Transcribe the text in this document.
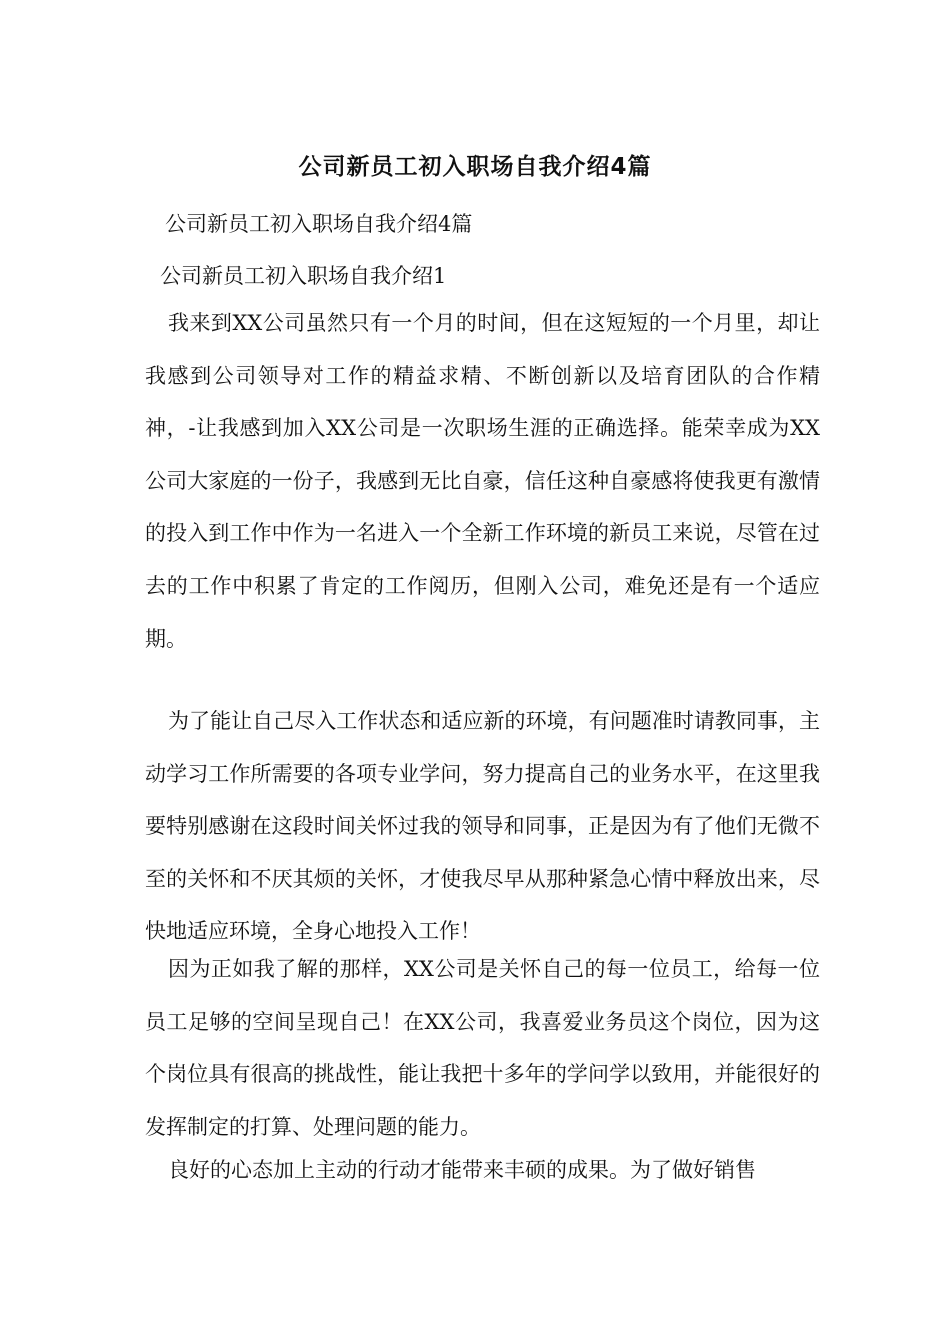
公司新员工初入职场自我介绍4篇
公司新员工初入职场自我介绍4篇
公司新员工初入职场自我介绍1

我来到XX公司虽然只有一个月的时间，但在这短短的一个月里，却让我感到公司领导对工作的精益求精、不断创新以及培育团队的合作精神，-让我感到加入XX公司是一次职场生涯的正确选择。能荣幸成为XX公司大家庭的一份子，我感到无比自豪，信任这种自豪感将使我更有激情的投入到工作中作为一名进入一个全新工作环境的新员工来说，尽管在过去的工作中积累了肯定的工作阅历，但刚入公司，难免还是有一个适应期。

为了能让自己尽入工作状态和适应新的环境，有问题准时请教同事，主动学习工作所需要的各项专业学问，努力提高自己的业务水平，在这里我要特别感谢在这段时间关怀过我的领导和同事，正是因为有了他们无微不至的关怀和不厌其烦的关怀，才使我尽早从那种紧急心情中释放出来，尽快地适应环境，全身心地投入工作！

因为正如我了解的那样，XX公司是关怀自己的每一位员工，给每一位员工足够的空间呈现自己！在XX公司，我喜爱业务员这个岗位，因为这个岗位具有很高的挑战性，能让我把十多年的学问学以致用，并能很好的发挥制定的打算、处理问题的能力。

良好的心态加上主动的行动才能带来丰硕的成果。为了做好销售
